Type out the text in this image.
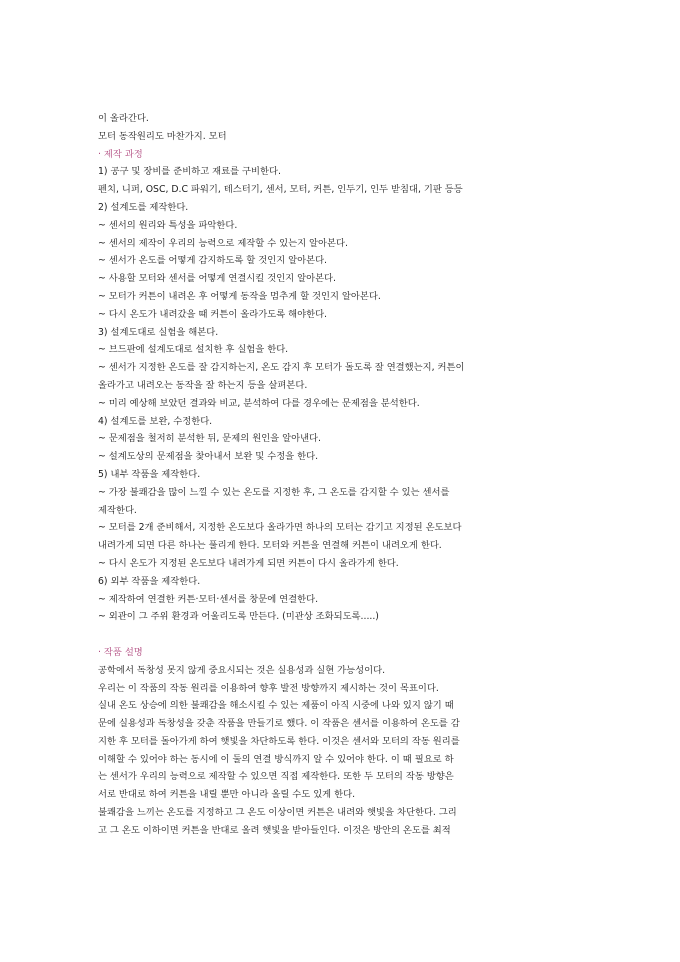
이 올라간다.
모터 동작원리도 마찬가지. 모터
· 제작 과정
1) 공구 및 장비를 준비하고 재료를 구비한다.
펜치, 니퍼, OSC, D.C 파워기, 테스터기, 센서, 모터, 커튼, 인두기, 인두 받침대, 기판 등등
2) 설계도를 제작한다.
~ 센서의 원리와 특성을 파악한다.
~ 센서의 제작이 우리의 능력으로 제작할 수 있는지 알아본다.
~ 센서가 온도를 어떻게 감지하도록 할 것인지 알아본다.
~ 사용할 모터와 센서를 어떻게 연결시킬 것인지 알아본다.
~ 모터가 커튼이 내려온 후 어떻게 동작을 멈추게 할 것인지 알아본다.
~ 다시 온도가 내려갔을 때 커튼이 올라가도록 해야한다.
3) 설계도대로 실험을 해본다.
~ 브드판에 설계도대로 설치한 후 실험을 한다.
~ 센서가 지정한 온도를 잘 감지하는지, 온도 감지 후 모터가 돌도록 잘 연결했는지, 커튼이
올라가고 내려오는 동작을 잘 하는지 등을 살펴본다.
~ 미리 예상해 보았던 결과와 비교, 분석하여 다를 경우에는 문제점을 분석한다.
4) 설계도를 보완, 수정한다.
~ 문제점을 철저히 분석한 뒤, 문제의 원인을 알아낸다.
~ 설계도상의 문제점을 찾아내서 보완 및 수정을 한다.
5) 내부 작품을 제작한다.
~ 가장 불쾌감을 많이 느낄 수 있는 온도를 지정한 후, 그 온도를 감지할 수 있는 센서를
제작한다.
~ 모터를 2개 준비해서, 지정한 온도보다 올라가면 하나의 모터는 감기고 지정된 온도보다
내려가게 되면 다른 하나는 풀리게 한다. 모터와 커튼을 연결해 커튼이 내려오게 한다.
~ 다시 온도가 지정된 온도보다 내려가게 되면 커튼이 다시 올라가게 한다.
6) 외부 작품을 제작한다.
~ 제작하여 연결한 커튼·모터·센서를 창문에 연결한다.
~ 외관이 그 주위 환경과 어울리도록 만든다. (미관상 조화되도록.....)
· 작품 설명
공학에서 독창성 못지 않게 중요시되는 것은 실용성과 실현 가능성이다.
우리는 이 작품의 작동 원리를 이용하여 향후 발전 방향까지 제시하는 것이 목표이다.
실내 온도 상승에 의한 불쾌감을 해소시킬 수 있는 제품이 아직 시중에 나와 있지 않기 때
문에 실용성과 독창성을 갖춘 작품을 만들기로 했다. 이 작품은 센서를 이용하여 온도를 감
지한 후 모터를 돌아가게 하여 햇빛을 차단하도록 한다. 이것은 센서와 모터의 작동 원리를
이해할 수 있어야 하는 동시에 이 둘의 연결 방식까지 알 수 있어야 한다. 이 때 필요로 하
는 센서가 우리의 능력으로 제작할 수 있으면 직접 제작한다. 또한 두 모터의 작동 방향은
서로 반대로 하여 커튼을 내릴 뿐만 아니라 올릴 수도 있게 한다.
불쾌감을 느끼는 온도를 지정하고 그 온도 이상이면 커튼은 내려와 햇빛을 차단한다. 그리
고 그 온도 이하이면 커튼을 반대로 올려 햇빛을 받아들인다. 이것은 방안의 온도를 최적
